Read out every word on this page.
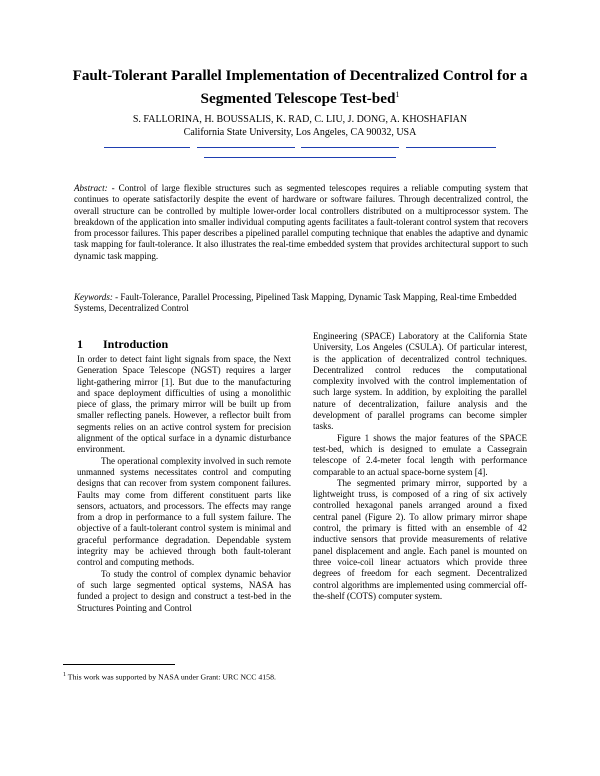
Fault-Tolerant Parallel Implementation of Decentralized Control for a Segmented Telescope Test-bed$^1$
S. FALLORINA, H. BOUSSALIS, K. RAD, C. LIU, J. DONG, A. KHOSHAFIAN
California State University, Los Angeles, CA 90032, USA
Abstract: - Control of large flexible structures such as segmented telescopes requires a reliable computing system that continues to operate satisfactorily despite the event of hardware or software failures. Through decentralized control, the overall structure can be controlled by multiple lower-order local controllers distributed on a multiprocessor system. The breakdown of the application into smaller individual computing agents facilitates a fault-tolerant control system that recovers from processor failures. This paper describes a pipelined parallel computing technique that enables the adaptive and dynamic task mapping for fault-tolerance. It also illustrates the real-time embedded system that provides architectural support to such dynamic task mapping.
Keywords: - Fault-Tolerance, Parallel Processing, Pipelined Task Mapping, Dynamic Task Mapping, Real-time Embedded Systems, Decentralized Control
1 Introduction

In order to detect faint light signals from space, the Next Generation Space Telescope (NGST) requires a larger light-gathering mirror [1]. But due to the manufacturing and space deployment difficulties of using a monolithic piece of glass, the primary mirror will be built up from smaller reflecting panels. However, a reflector built from segments relies on an active control system for precision alignment of the optical surface in a dynamic disturbance environment.

The operational complexity involved in such remote unmanned systems necessitates control and computing designs that can recover from system component failures. Faults may come from different constituent parts like sensors, actuators, and processors. The effects may range from a drop in performance to a full system failure. The objective of a fault-tolerant control system is minimal and graceful performance degradation. Dependable system integrity may be achieved through both fault-tolerant control and computing methods.

To study the control of complex dynamic behavior of such large segmented optical systems, NASA has funded a project to design and construct a test-bed in the Structures Pointing and Control

Engineering (SPACE) Laboratory at the California State University, Los Angeles (CSULA). Of particular interest, is the application of decentralized control techniques. Decentralized control reduces the computational complexity involved with the control implementation of such large system. In addition, by exploiting the parallel nature of decentralization, failure analysis and the development of parallel programs can become simpler tasks.

Figure 1 shows the major features of the SPACE test-bed, which is designed to emulate a Cassegrain telescope of 2.4-meter focal length with performance comparable to an actual space-borne system [4].

The segmented primary mirror, supported by a lightweight truss, is composed of a ring of six actively controlled hexagonal panels arranged around a fixed central panel (Figure 2). To allow primary mirror shape control, the primary is fitted with an ensemble of 42 inductive sensors that provide measurements of relative panel displacement and angle. Each panel is mounted on three voice-coil linear actuators which provide three degrees of freedom for each segment. Decentralized control algorithms are implemented using commercial off-the-shelf (COTS) computer system.

$^1$ This work was supported by NASA under Grant: URC NCC 4158.
